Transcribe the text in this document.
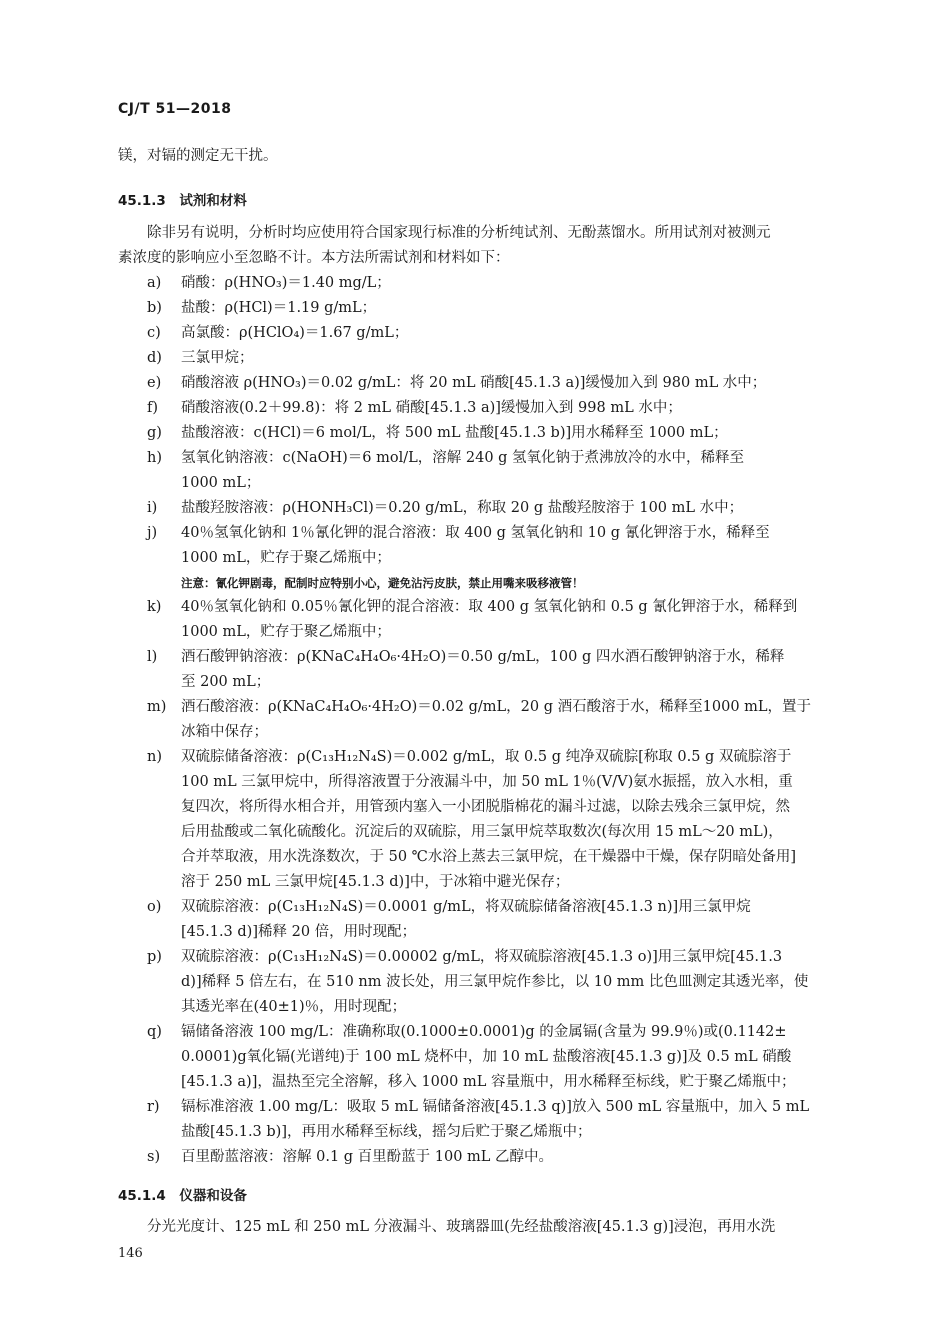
CJ/T 51—2018
镁，对镉的测定无干扰。
45.1.3　试剂和材料
除非另有说明，分析时均应使用符合国家现行标准的分析纯试剂、无酚蒸馏水。所用试剂对被测元
素浓度的影响应小至忽略不计。本方法所需试剂和材料如下：
a) 硝酸：ρ(HNO₃)＝1.40 mg/L；
b) 盐酸：ρ(HCl)＝1.19 g/mL；
c) 高氯酸：ρ(HClO₄)＝1.67 g/mL；
d) 三氯甲烷；
e) 硝酸溶液 ρ(HNO₃)＝0.02 g/mL：将 20 mL 硝酸[45.1.3 a)]缓慢加入到 980 mL 水中；
f) 硝酸溶液(0.2＋99.8)：将 2 mL 硝酸[45.1.3 a)]缓慢加入到 998 mL 水中；
g) 盐酸溶液：c(HCl)＝6 mol/L，将 500 mL 盐酸[45.1.3 b)]用水稀释至 1000 mL；
h) 氢氧化钠溶液：c(NaOH)＝6 mol/L，溶解 240 g 氢氧化钠于煮沸放冷的水中，稀释至
1000 mL；
i) 盐酸羟胺溶液：ρ(HONH₃Cl)＝0.20 g/mL，称取 20 g 盐酸羟胺溶于 100 mL 水中；
j) 40％氢氧化钠和 1％氰化钾的混合溶液：取 400 g 氢氧化钠和 10 g 氰化钾溶于水，稀释至
1000 mL，贮存于聚乙烯瓶中；
注意：氰化钾剧毒，配制时应特别小心，避免沾污皮肤，禁止用嘴来吸移液管！
k) 40％氢氧化钠和 0.05％氰化钾的混合溶液：取 400 g 氢氧化钠和 0.5 g 氰化钾溶于水，稀释到
1000 mL，贮存于聚乙烯瓶中；
l) 酒石酸钾钠溶液：ρ(KNaC₄H₄O₆·4H₂O)＝0.50 g/mL，100 g 四水酒石酸钾钠溶于水，稀释
至 200 mL；
m) 酒石酸溶液：ρ(KNaC₄H₄O₆·4H₂O)＝0.02 g/mL，20 g 酒石酸溶于水，稀释至1000 mL，置于
冰箱中保存；
n) 双硫腙储备溶液：ρ(C₁₃H₁₂N₄S)＝0.002 g/mL，取 0.5 g 纯净双硫腙[称取 0.5 g 双硫腙溶于
100 mL 三氯甲烷中，所得溶液置于分液漏斗中，加 50 mL 1％(V/V)氨水振摇，放入水相，重
复四次，将所得水相合并，用管颈内塞入一小团脱脂棉花的漏斗过滤，以除去残余三氯甲烷，然
后用盐酸或二氧化硫酸化。沉淀后的双硫腙，用三氯甲烷萃取数次(每次用 15 mL～20 mL)，
合并萃取液，用水洗涤数次，于 50 ℃水浴上蒸去三氯甲烷，在干燥器中干燥，保存阴暗处备用]
溶于 250 mL 三氯甲烷[45.1.3 d)]中，于冰箱中避光保存；
o) 双硫腙溶液：ρ(C₁₃H₁₂N₄S)＝0.0001 g/mL，将双硫腙储备溶液[45.1.3 n)]用三氯甲烷
[45.1.3 d)]稀释 20 倍，用时现配；
p) 双硫腙溶液：ρ(C₁₃H₁₂N₄S)＝0.00002 g/mL，将双硫腙溶液[45.1.3 o)]用三氯甲烷[45.1.3
d)]稀释 5 倍左右，在 510 nm 波长处，用三氯甲烷作参比，以 10 mm 比色皿测定其透光率，使
其透光率在(40±1)％，用时现配；
q) 镉储备溶液 100 mg/L：准确称取(0.1000±0.0001)g 的金属镉(含量为 99.9％)或(0.1142±
0.0001)g氧化镉(光谱纯)于 100 mL 烧杯中，加 10 mL 盐酸溶液[45.1.3 g)]及 0.5 mL 硝酸
[45.1.3 a)]，温热至完全溶解，移入 1000 mL 容量瓶中，用水稀释至标线，贮于聚乙烯瓶中；
r) 镉标准溶液 1.00 mg/L：吸取 5 mL 镉储备溶液[45.1.3 q)]放入 500 mL 容量瓶中，加入 5 mL
盐酸[45.1.3 b)]，再用水稀释至标线，摇匀后贮于聚乙烯瓶中；
s) 百里酚蓝溶液：溶解 0.1 g 百里酚蓝于 100 mL 乙醇中。
45.1.4　仪器和设备
分光光度计、125 mL 和 250 mL 分液漏斗、玻璃器皿(先经盐酸溶液[45.1.3 g)]浸泡，再用水洗
146
